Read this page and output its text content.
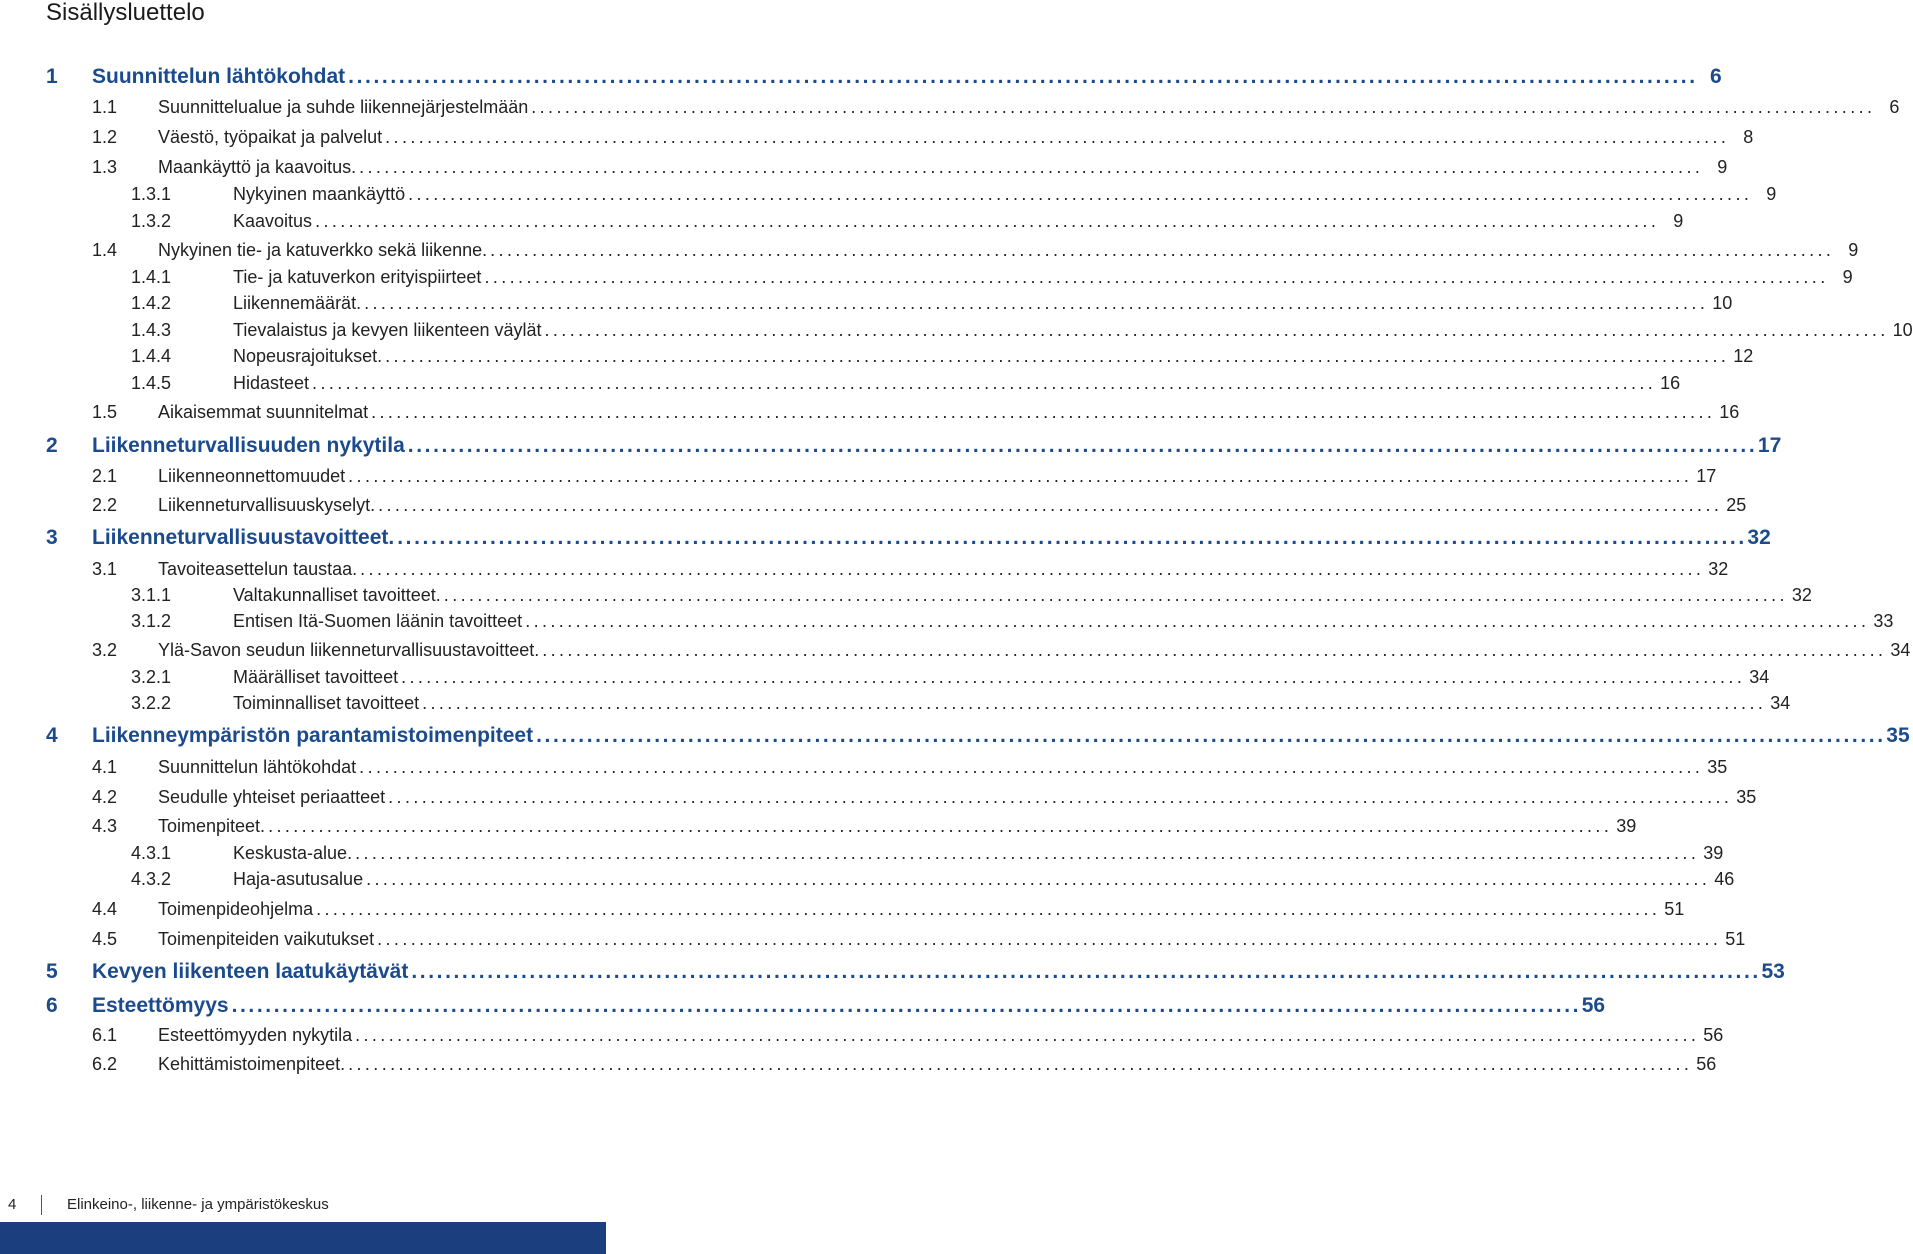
Sisällysluettelo
1 Suunnittelun lähtökohdat ................................................................................................................................................................ 6
1.1 Suunnittelualue ja suhde liikennejärjestelmään ................................................................................................................................................................ 6
1.2 Väestö, työpaikat ja palvelut ................................................................................................................................................................ 8
1.3 Maankäyttö ja kaavoitus. ................................................................................................................................................................ 9
1.3.1	Nykyinen maankäyttö ................................................................................................................................................................ 9
1.3.2	Kaavoitus ................................................................................................................................................................ 9
1.4 Nykyinen tie- ja katuverkko sekä liikenne. ................................................................................................................................................................ 9
1.4.1	Tie- ja katuverkon erityispiirteet ................................................................................................................................................................ 9
1.4.2	Liikennemäärät. ................................................................................................................................................................ 10
1.4.3	Tievalaistus ja kevyen liikenteen väylät ................................................................................................................................................................ 10
1.4.4	Nopeusrajoitukset. ................................................................................................................................................................ 12
1.4.5	Hidasteet ................................................................................................................................................................ 16
1.5 Aikaisemmat suunnitelmat ................................................................................................................................................................ 16
2 Liikenneturvallisuuden nykytila ................................................................................................................................................................ 17
2.1 Liikenneonnettomuudet ................................................................................................................................................................ 17
2.2 Liikenneturvallisuuskyselyt. ................................................................................................................................................................ 25
3 Liikenneturvallisuustavoitteet. ................................................................................................................................................................ 32
3.1 Tavoiteasettelun taustaa. ................................................................................................................................................................ 32
3.1.1	Valtakunnalliset tavoitteet. ................................................................................................................................................................ 32
3.1.2	Entisen Itä-Suomen läänin tavoitteet ................................................................................................................................................................ 33
3.2 Ylä-Savon seudun liikenneturvallisuustavoitteet. ................................................................................................................................................................ 34
3.2.1	Määrälliset tavoitteet ................................................................................................................................................................ 34
3.2.2	Toiminnalliset tavoitteet ................................................................................................................................................................ 34
4 Liikenneympäristön parantamistoimenpiteet ................................................................................................................................................................ 35
4.1 Suunnittelun lähtökohdat ................................................................................................................................................................ 35
4.2 Seudulle yhteiset periaatteet ................................................................................................................................................................ 35
4.3 Toimenpiteet. ................................................................................................................................................................ 39
4.3.1	Keskusta-alue. ................................................................................................................................................................ 39
4.3.2	Haja-asutusalue ................................................................................................................................................................ 46
4.4 Toimenpideohjelma ................................................................................................................................................................ 51
4.5 Toimenpiteiden vaikutukset ................................................................................................................................................................ 51
5 Kevyen liikenteen laatukäytävät ................................................................................................................................................................ 53
6 Esteettömyys ................................................................................................................................................................ 56
6.1 Esteettömyyden nykytila ................................................................................................................................................................ 56
6.2 Kehittämistoimenpiteet. ................................................................................................................................................................ 56
4	Elinkeino-, liikenne- ja ympäristökeskus
